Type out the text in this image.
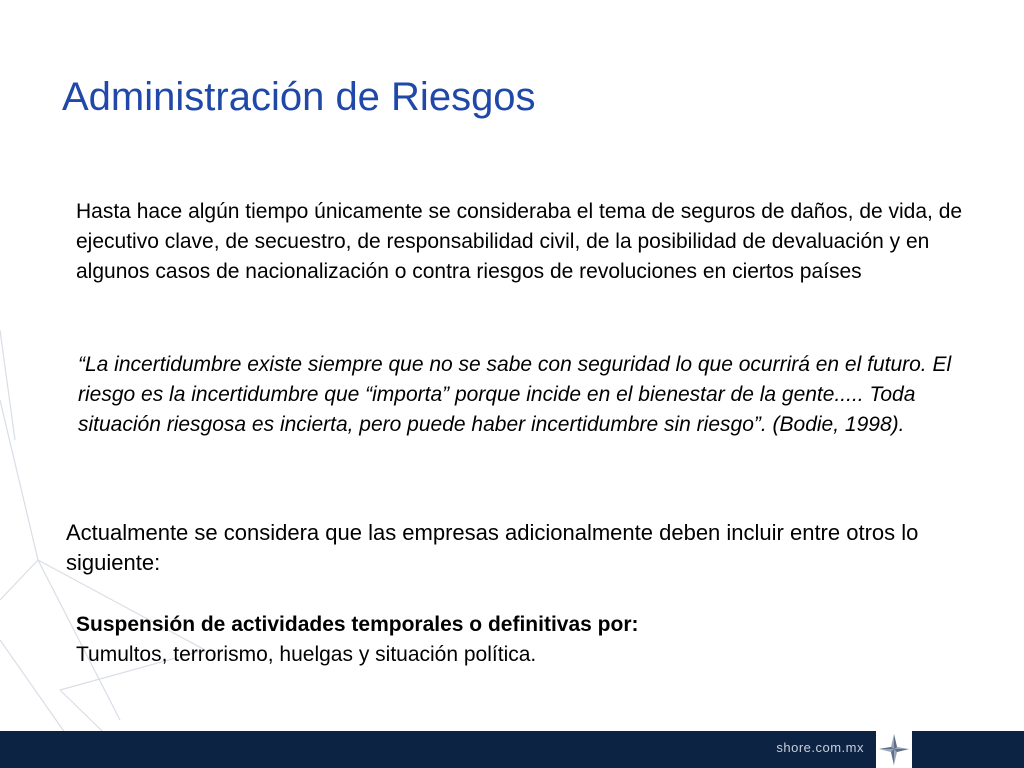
Administración de Riesgos

Hasta hace algún tiempo únicamente se consideraba el tema de seguros de daños, de vida, de ejecutivo clave, de secuestro, de responsabilidad civil, de la posibilidad de devaluación y en algunos casos de nacionalización o contra riesgos de revoluciones en ciertos países

“La incertidumbre existe siempre que no se sabe con seguridad lo que ocurrirá en el futuro. El riesgo es la incertidumbre que “importa” porque incide en el bienestar de la gente..... Toda situación riesgosa es incierta, pero puede haber incertidumbre sin riesgo”. (Bodie, 1998).

Actualmente se considera que las empresas adicionalmente deben incluir entre otros lo siguiente:

Suspensión de actividades temporales o definitivas por:
Tumultos, terrorismo, huelgas y situación política.
shore.com.mx
